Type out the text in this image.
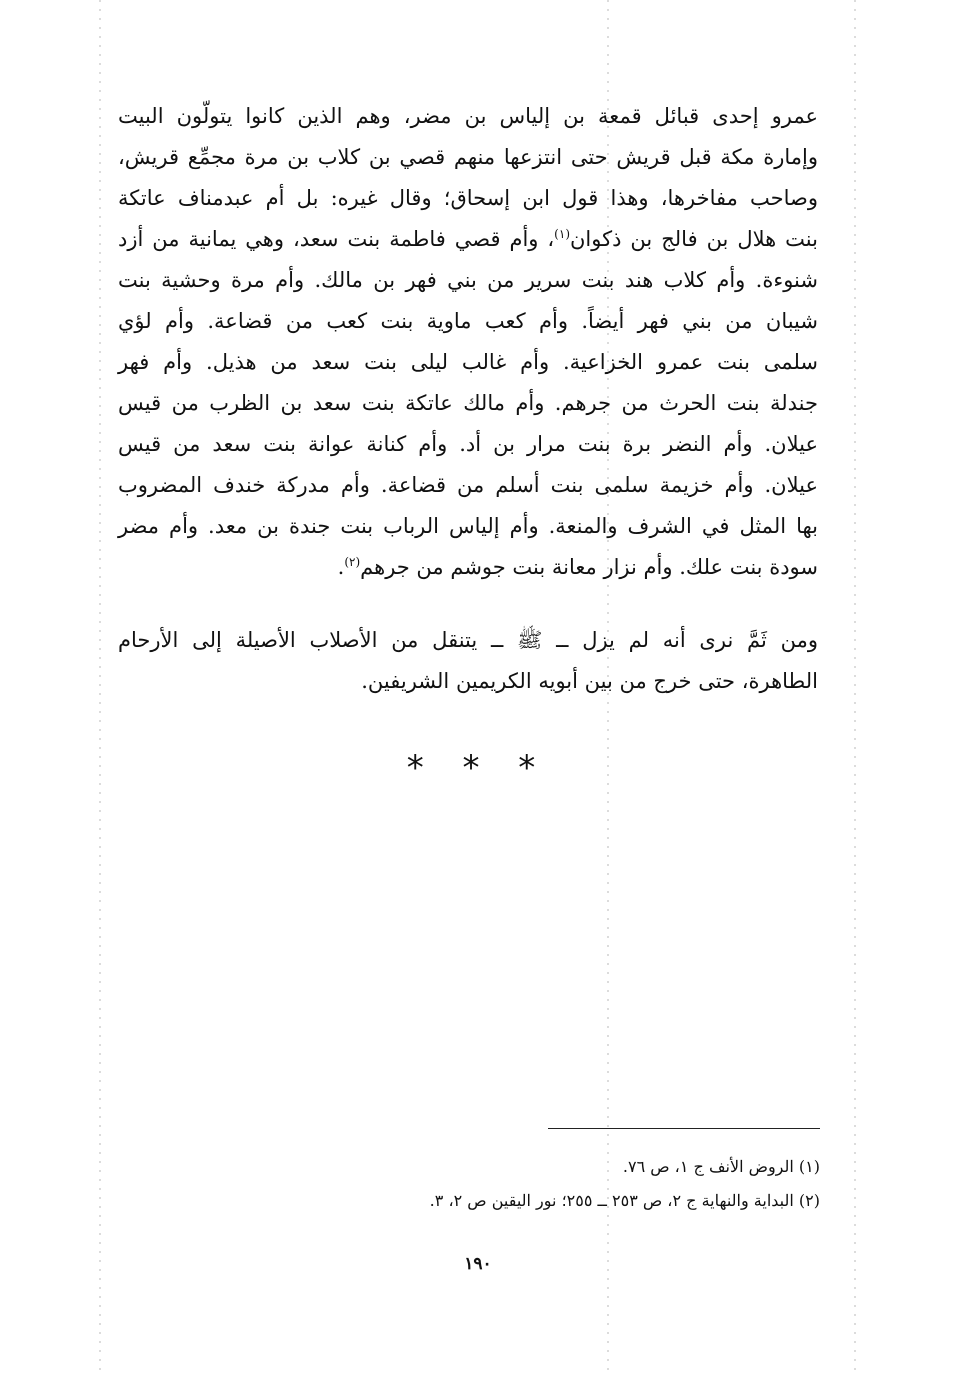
عمرو إحدى قبائل قمعة بن إلياس بن مضر، وهم الذين كانوا يتولّون البيت
وإمارة مكة قبل قريش حتى انتزعها منهم قصي بن كلاب بن مرة مجمِّع قريش،
وصاحب مفاخرها، وهذا قول ابن إسحاق؛ وقال غيره: بل أم عبدمناف عاتكة
بنت هلال بن فالج بن ذكوان$^{(١)}$، وأم قصي فاطمة بنت سعد، وهي يمانية من أزد
شنوءة. وأم كلاب هند بنت سرير من بني فهر بن مالك. وأم مرة وحشية بنت
شيبان من بني فهر أيضاً. وأم كعب ماوية بنت كعب من قضاعة. وأم لؤي
سلمى بنت عمرو الخزاعية. وأم غالب ليلى بنت سعد من هذيل. وأم فهر
جندلة بنت الحرث من جرهم. وأم مالك عاتكة بنت سعد بن الظرب من قيس
عيلان. وأم النضر برة بنت مرار بن أد. وأم كنانة عوانة بنت سعد من قيس
عيلان. وأم خزيمة سلمى بنت أسلم من قضاعة. وأم مدركة خندف المضروب
بها المثل في الشرف والمنعة. وأم إلياس الرباب بنت جندة بن معد. وأم مضر
سودة بنت علك. وأم نزار معانة بنت جوشم من جرهم$^{(٢)}$.
ومن ثَمَّ نرى أنه لم يزل ــ ﷺ ــ يتنقل من الأصلاب الأصيلة إلى الأرحام
الطاهرة، حتى خرج من بين أبويه الكريمين الشريفين.
* * *
(١) الروض الأنف ج ١، ص ٧٦.
(٢) البداية والنهاية ج ٢، ص ٢٥٣ ــ ٢٥٥؛ نور اليقين ص ٢، ٣.
١٩٠
